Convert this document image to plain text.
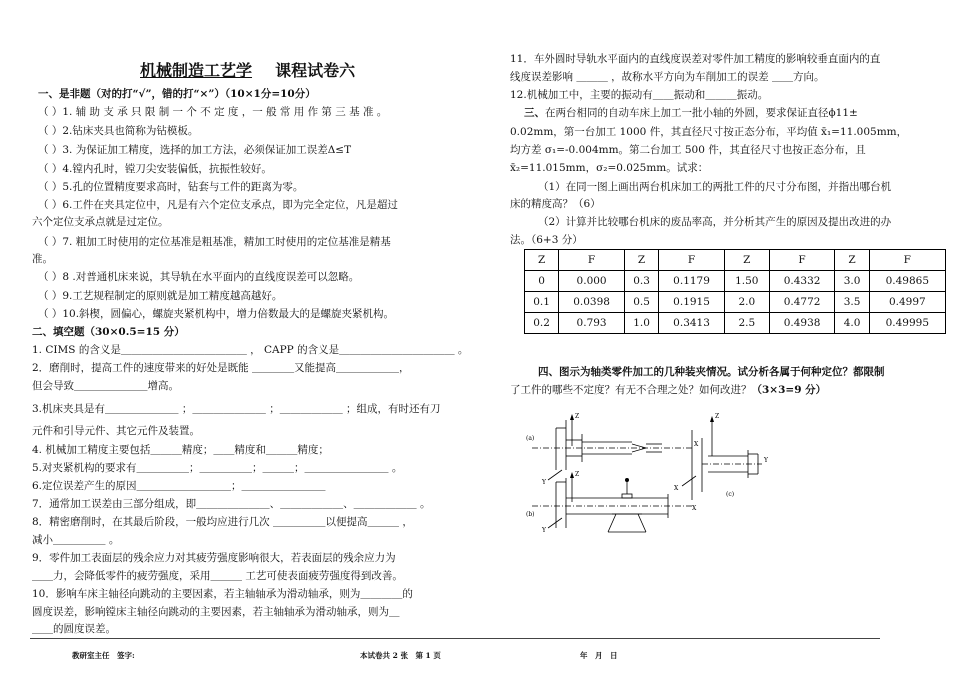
机械制造工艺学 课程试卷六
一、是非题（对的打“√”，错的打“×”）（10×1分=10分）
（ ）1. 辅 助 支 承 只 限 制 一 个 不 定 度 ，一 般 常 用 作 第 三 基 准 。
（ ）2.钻床夹具也简称为钻模板。
（ ）3. 为保证加工精度，选择的加工方法，必须保证加工误差Δ≤T
（ ）4.镗内孔时，镗刀尖安装偏低，抗振性较好。
（ ）5.孔的位置精度要求高时，钻套与工件的距离为零。
（ ）6.工件在夹具定位中，凡是有六个定位支承点，即为完全定位，凡是超过
六个定位支承点就是过定位。
（ ）7. 粗加工时使用的定位基准是粗基准，精加工时使用的定位基准是精基
准。
（ ）8 .对普通机床来说，其导轨在水平面内的直线度误差可以忽略。
（ ）9.工艺规程制定的原则就是加工精度越高越好。
（ ）10.斜楔，圆偏心，螺旋夹紧机构中，增力倍数最大的是螺旋夹紧机构。
二、填空题（30×0.5=15 分）
1. CIMS 的含义是＿＿＿＿＿＿＿＿＿＿＿＿ ， CAPP 的含义是＿＿＿＿＿＿＿＿＿＿＿ 。
2．磨削时，提高工件的速度带来的好处是既能 ＿＿＿＿又能提高＿＿＿＿＿＿，
但会导致＿＿＿＿＿＿＿增高。
3.机床夹具是有＿＿＿＿＿＿＿ ；＿＿＿＿＿＿＿ ；＿＿＿＿＿＿ ；组成，有时还有刀
元件和引导元件、其它元件及装置。
4. 机械加工精度主要包括＿＿＿精度；＿＿精度和＿＿＿精度；
5.对夹紧机构的要求有＿＿＿＿＿；＿＿＿＿＿；＿＿＿；＿＿＿＿＿＿＿＿ 。
6.定位误差产生的原因＿＿＿＿＿＿＿＿＿；＿＿＿＿＿＿＿＿
7．通常加工误差由三部分组成，即＿＿＿＿＿＿＿、＿＿＿＿＿＿、＿＿＿＿＿＿ 。
8．精密磨削时，在其最后阶段，一般均应进行几次 ＿＿＿＿＿以便提高＿＿＿ ，
减小＿＿＿＿＿ 。
9．零件加工表面层的残余应力对其疲劳强度影响很大，若表面层的残余应力为
＿＿力，会降低零件的疲劳强度，采用＿＿＿ 工艺可使表面疲劳强度得到改善。
10．影响车床主轴径向跳动的主要因素，若主轴轴承为滑动轴承，则为＿＿＿＿的
圆度误差，影响镗床主轴径向跳动的主要因素，若主轴轴承为滑动轴承，则为＿
＿＿的圆度误差。
11．车外圆时导轨水平面内的直线度误差对零件加工精度的影响较垂直面内的直
线度误差影响 ＿＿＿ ，故称水平方向为车削加工的误差 ＿＿方向。
12.机械加工中，主要的振动有＿＿振动和＿＿＿振动。
三、在两台相同的自动车床上加工一批小轴的外圆，要求保证直径ϕ11±
0.02mm，第一台加工 1000 件，其直径尺寸按正态分布，平均值 x̄₁=11.005mm，
均方差 σ₁=-0.004mm。第二台加工 500 件，其直径尺寸也按正态分布，且
x̄₂=11.015mm，σ₂=0.025mm。试求：
（1）在同一图上画出两台机床加工的两批工件的尺寸分布图，并指出哪台机
床的精度高？（6）
（2）计算并比较哪台机床的废品率高，并分析其产生的原因及提出改进的办
法。（6+3 分）
Z	F	Z	F	Z	F	Z	F
0	0.000	0.3	0.1179	1.50	0.4332	3.0	0.49865
0.1	0.0398	0.5	0.1915	2.0	0.4772	3.5	0.4997
0.2	0.793	1.0	0.3413	2.5	0.4938	4.0	0.49995
四、图示为轴类零件加工的几种装夹情况。试分析各属于何种定位？都限制
了工件的哪些不定度？有无不合理之处？如何改进？（3×3=9 分）
(a)
(b)
(c)
Z
X
Y
Z
Y
X
Z
X
Y
教研室主任　签字:	本试卷共 2 张　第 1 页	年　月　日
